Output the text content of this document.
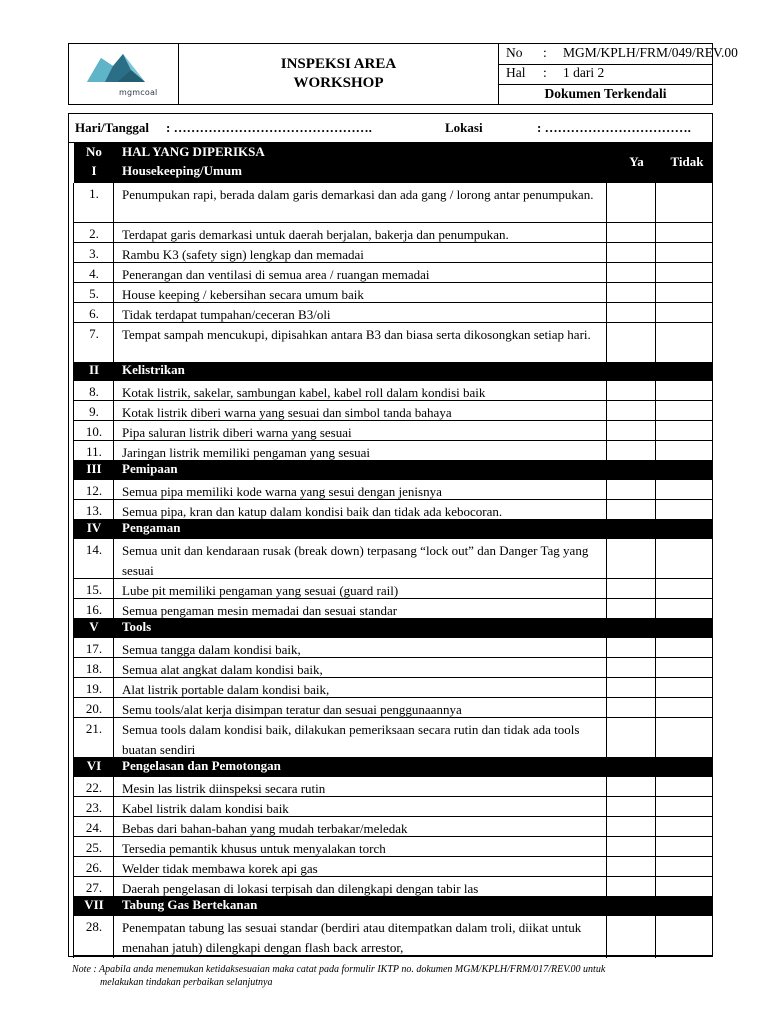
mgmcoal
INSPEKSI AREA
WORKSHOP
No : MGM/KPLH/FRM/049/REV.00
Hal : 1 dari 2
Dokumen Terkendali
Hari/Tanggal : ……………………………………….	Lokasi	: …………………………….
No	HAL YANG DIPERIKSA
I	Housekeeping/Umum
Ya	Tidak
1.	Penumpukan rapi, berada dalam garis demarkasi dan ada gang / lorong antar penumpukan.
2.	Terdapat garis demarkasi untuk daerah berjalan, bakerja dan penumpukan.
3.	Rambu K3 (safety sign) lengkap dan memadai
4.	Penerangan dan ventilasi di semua area / ruangan memadai
5.	House keeping / kebersihan secara umum baik
6.	Tidak terdapat tumpahan/ceceran B3/oli
7.	Tempat sampah mencukupi, dipisahkan antara B3 dan biasa serta dikosongkan setiap hari.
II	Kelistrikan
8.	Kotak listrik, sakelar, sambungan kabel, kabel roll dalam kondisi baik
9.	Kotak listrik diberi warna yang sesuai dan simbol tanda bahaya
10.	Pipa saluran listrik diberi warna yang sesuai
11.	Jaringan listrik memiliki pengaman yang sesuai
III	Pemipaan
12.	Semua pipa memiliki kode warna yang sesui dengan jenisnya
13.	Semua pipa, kran dan katup dalam kondisi baik dan tidak ada kebocoran.
IV	Pengaman
14.	Semua unit dan kendaraan rusak (break down) terpasang “lock out” dan Danger Tag yang sesuai
15.	Lube pit memiliki pengaman yang sesuai (guard rail)
16.	Semua pengaman mesin memadai dan sesuai standar
V	Tools
17.	Semua tangga dalam kondisi baik,
18.	Semua alat angkat dalam kondisi baik,
19.	Alat listrik portable dalam kondisi baik,
20.	Semu tools/alat kerja disimpan teratur dan sesuai penggunaannya
21.	Semua tools dalam kondisi baik, dilakukan pemeriksaan secara rutin dan tidak ada tools buatan sendiri
VI	Pengelasan dan Pemotongan
22.	Mesin las listrik diinspeksi secara rutin
23.	Kabel listrik dalam kondisi baik
24.	Bebas dari bahan-bahan yang mudah terbakar/meledak
25.	Tersedia pemantik khusus untuk menyalakan torch
26.	Welder tidak membawa korek api gas
27.	Daerah pengelasan di lokasi terpisah dan dilengkapi dengan tabir las
VII	Tabung Gas Bertekanan
28.	Penempatan tabung las sesuai standar (berdiri atau ditempatkan dalam troli, diikat untuk menahan jatuh) dilengkapi dengan flash back arrestor,
Note : Apabila anda menemukan ketidaksesuaian maka catat pada formulir IKTP no. dokumen MGM/KPLH/FRM/017/REV.00 untuk
melakukan tindakan perbaikan selanjutnya
